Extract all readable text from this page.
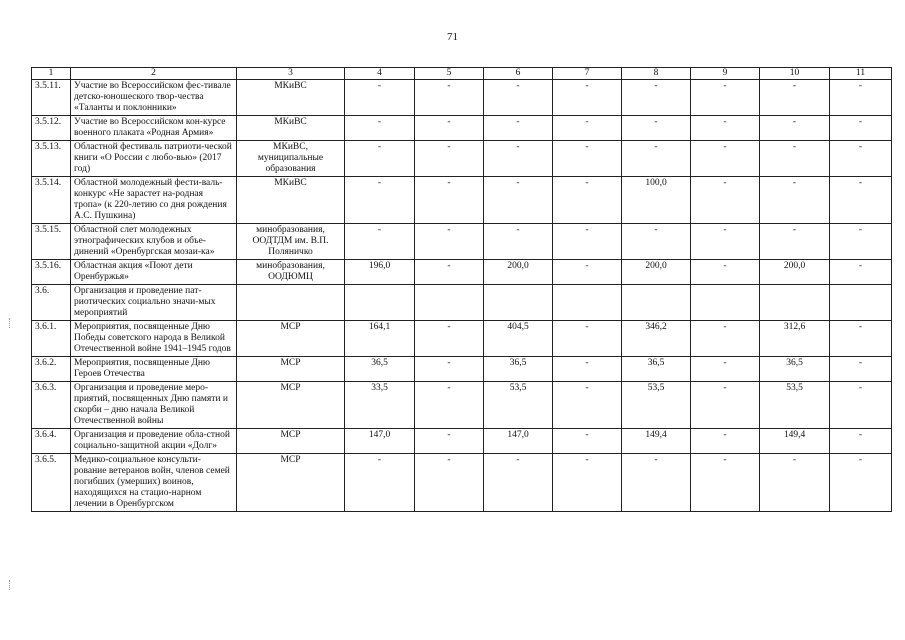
71
1	2	3	4	5	6	7	8	9	10	11
3.5.11.	Участие во Всероссийском фес-тивале детско-юношеского твор-чества «Таланты и поклонники»	МКиВС	-	-	-	-	-	-	-	-
3.5.12.	Участие во Всероссийском кон-курсе военного плаката «Родная Армия»	МКиВС	-	-	-	-	-	-	-	-
3.5.13.	Областной фестиваль патриоти-ческой книги «О России с любо-вью» (2017 год)	МКиВС, муниципальные образования	-	-	-	-	-	-	-	-
3.5.14.	Областной молодежный фести-валь-конкурс «Не зарастет на-родная тропа» (к 220-летию со дня рождения А.С. Пушкина)	МКиВС	-	-	-	-	100,0	-	-	-
3.5.15.	Областной слет молодежных этнографических клубов и объе-динений «Оренбургская мозаи-ка»	минобразования, ООДТДМ им. В.П. Поляничко	-	-	-	-	-	-	-	-
3.5.16.	Областная акция «Поют дети Оренбуржья»	минобразования, ООДЮМЦ	196,0	-	200,0	-	200,0	-	200,0	-
3.6.	Организация и проведение пат-риотических социально значи-мых мероприятий									
3.6.1.	Мероприятия, посвященные Дню Победы советского народа в Великой Отечественной войне 1941–1945 годов	МСР	164,1	-	404,5	-	346,2	-	312,6	-
3.6.2.	Мероприятия, посвященные Дню Героев Отечества	МСР	36,5	-	36,5	-	36,5	-	36,5	-
3.6.3.	Организация и проведение меро-приятий, посвященных Дню памяти и скорби – дню начала Великой Отечественной войны	МСР	33,5	-	53,5	-	53,5	-	53,5	-
3.6.4.	Организация и проведение обла-стной социально-защитной акции «Долг»	МСР	147,0	-	147,0	-	149,4	-	149,4	-
3.6.5.	Медико-социальное консульти-рование ветеранов войн, членов семей погибших (умерших) воинов, находящихся на стацио-нарном лечении в Оренбургском	МСР	-	-	-	-	-	-	-	-
